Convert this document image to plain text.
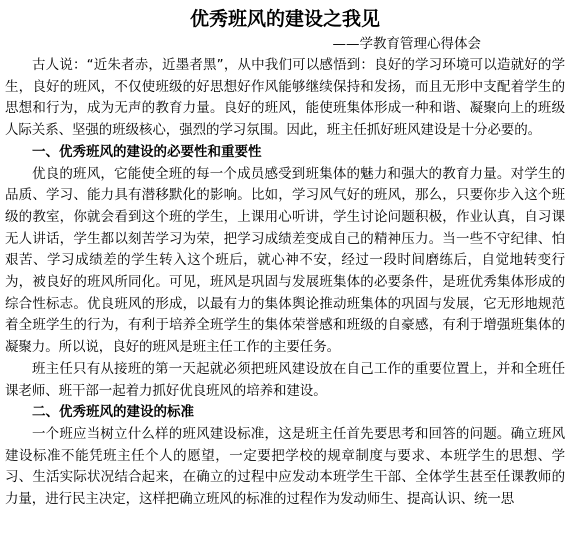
优秀班风的建设之我见
——学教育管理心得体会

古人说：“近朱者赤，近墨者黑”，从中我们可以感悟到：良好的学习环境可以造就好的学生，良好的班风，不仅使班级的好思想好作风能够继续保持和发扬，而且无形中支配着学生的思想和行为，成为无声的教育力量。良好的班风，能使班集体形成一种和谐、凝聚向上的班级人际关系、坚强的班级核心，强烈的学习氛围。因此，班主任抓好班风建设是十分必要的。

一、优秀班风的建设的必要性和重要性

优良的班风，它能使全班的每一个成员感受到班集体的魅力和强大的教育力量。对学生的品质、学习、能力具有潜移默化的影响。比如，学习风气好的班风，那么，只要你步入这个班级的教室，你就会看到这个班的学生，上课用心听讲，学生讨论问题积极，作业认真，自习课无人讲话，学生都以刻苦学习为荣，把学习成绩差变成自己的精神压力。当一些不守纪律、怕艰苦、学习成绩差的学生转入这个班后，就心神不安，经过一段时间磨练后，自觉地转变行为，被良好的班风所同化。可见，班风是巩固与发展班集体的必要条件，是班优秀集体形成的综合性标志。优良班风的形成，以最有力的集体舆论推动班集体的巩固与发展，它无形地规范着全班学生的行为，有利于培养全班学生的集体荣誉感和班级的自豪感，有利于增强班集体的凝聚力。所以说，良好的班风是班主任工作的主要任务。

班主任只有从接班的第一天起就必须把班风建设放在自己工作的重要位置上，并和全班任课老师、班干部一起着力抓好优良班风的培养和建设。

二、优秀班风的建设的标准

一个班应当树立什么样的班风建设标准，这是班主任首先要思考和回答的问题。确立班风建设标准不能凭班主任个人的愿望，一定要把学校的规章制度与要求、本班学生的思想、学习、生活实际状况结合起来，在确立的过程中应发动本班学生干部、全体学生甚至任课教师的力量，进行民主决定，这样把确立班风的标准的过程作为发动师生、提高认识、统一思
